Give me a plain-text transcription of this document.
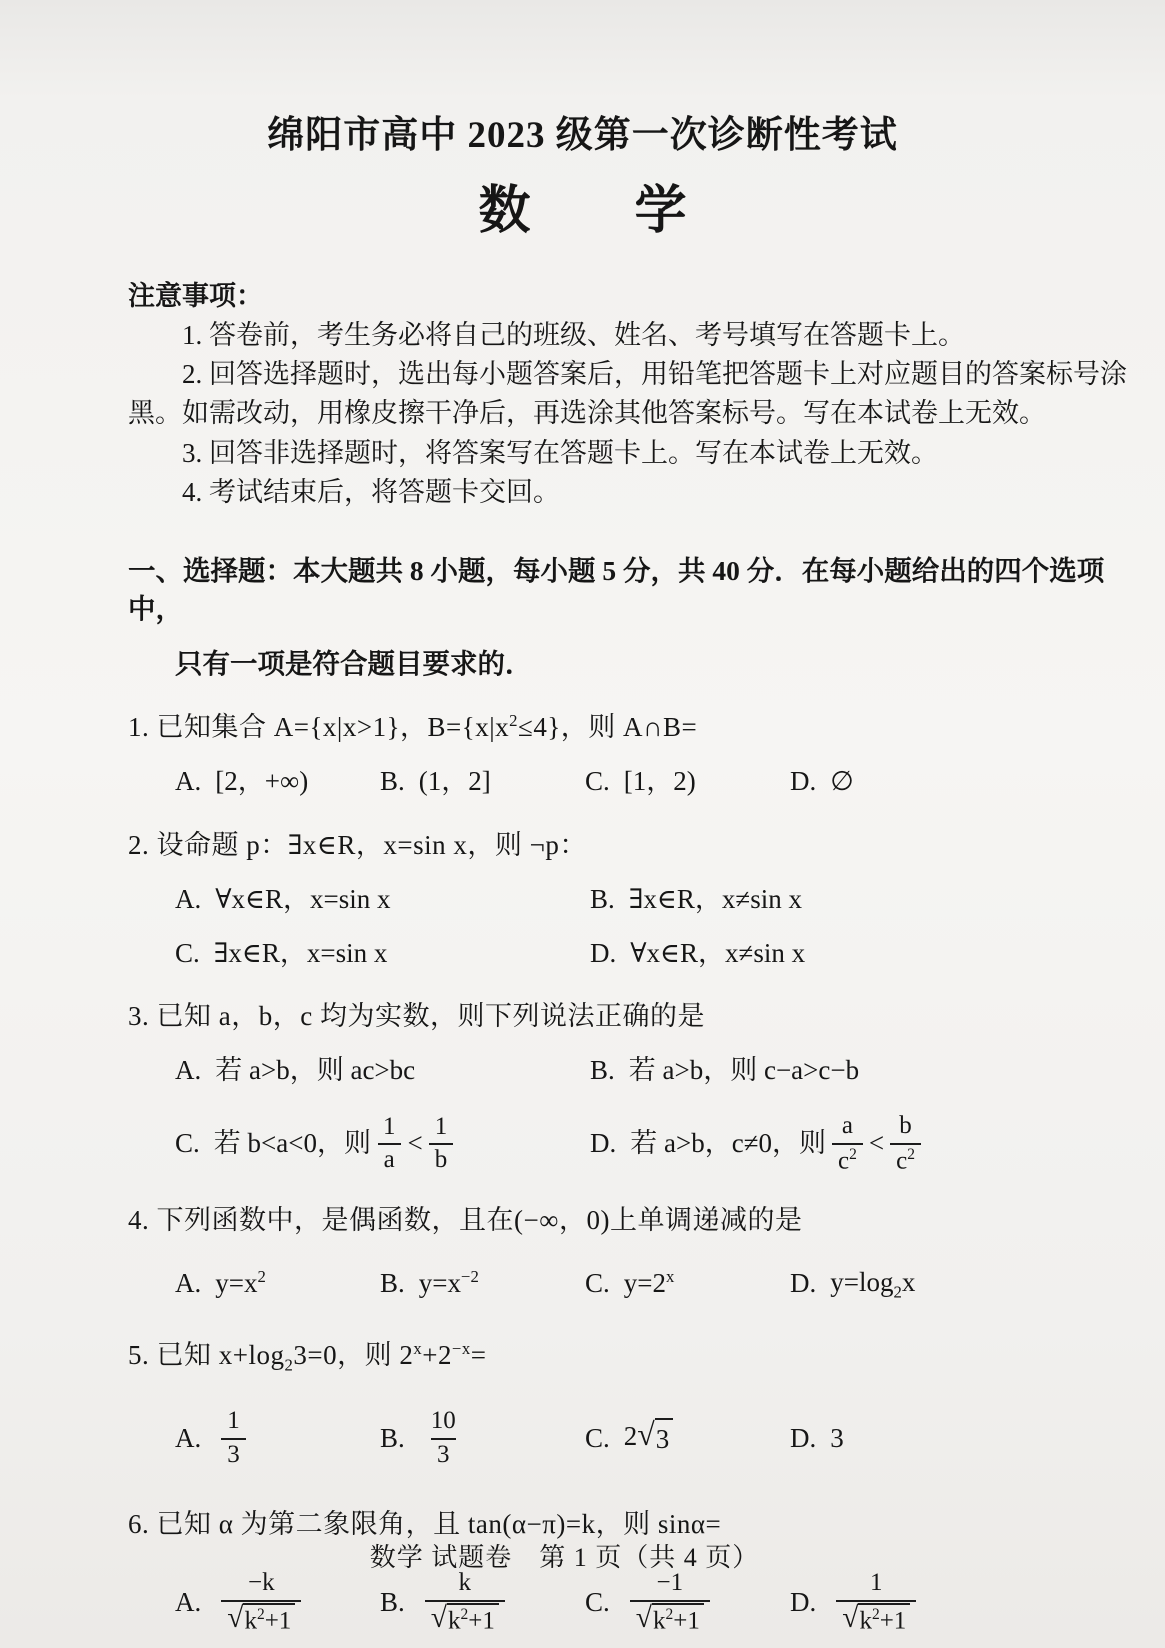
绵阳市高中 2023 级第一次诊断性考试
数　　学
注意事项：

1. 答卷前，考生务必将自己的班级、姓名、考号填写在答题卡上。

2. 回答选择题时，选出每小题答案后，用铅笔把答题卡上对应题目的答案标号涂黑。如需改动，用橡皮擦干净后，再选涂其他答案标号。写在本试卷上无效。

3. 回答非选择题时，将答案写在答题卡上。写在本试卷上无效。

4. 考试结束后，将答题卡交回。

一、选择题：本大题共 8 小题，每小题 5 分，共 40 分．在每小题给出的四个选项中，
只有一项是符合题目要求的．
1. 已知集合 A={x|x>1}，$B=\{x|x^2\le 4\}$，则 A∩B=
A. [2，+∞)	B. (1，2]	C. [1，2)	D. ∅
2. 设命题 p：∃x∈R，x=sin x，则 ¬p：
A. ∀x∈R，x=sin x	B. ∃x∈R，x≠sin x
C. ∃x∈R，x=sin x	D. ∀x∈R，x≠sin x
3. 已知 a，b，c 均为实数，则下列说法正确的是
A. 若 a>b，则 ac>bc	B. 若 a>b，则 c−a>c−b
C. 若 b<a<0，则 $\frac{1}{a} < \frac{1}{b}$	D. 若 a>b，c≠0，则 $\frac{a}{c^2} < \frac{b}{c^2}$
4. 下列函数中，是偶函数，且在(−∞，0)上单调递减的是
A. $y=x^2$	B. $y=x^{-2}$	C. $y=2^x$	D. $y=\log_2x$
5. 已知 $x+\log_23=0$，则 $2^x+2^{-x}=$
A. $\frac{1}{3}$	B. $\frac{10}{3}$	C. 2 √ 3	D. 3
6. 已知 α 为第二象限角，且 tan(α−π)=k，则 sinα=
A. $\frac{-k}{√ k^2+1}$	B. $\frac{k}{√ k^2+1}$	C. $\frac{-1}{√ k^2+1}$	D. $\frac{1}{√ k^2+1}$
数学 试题卷　第 1 页（共 4 页）
